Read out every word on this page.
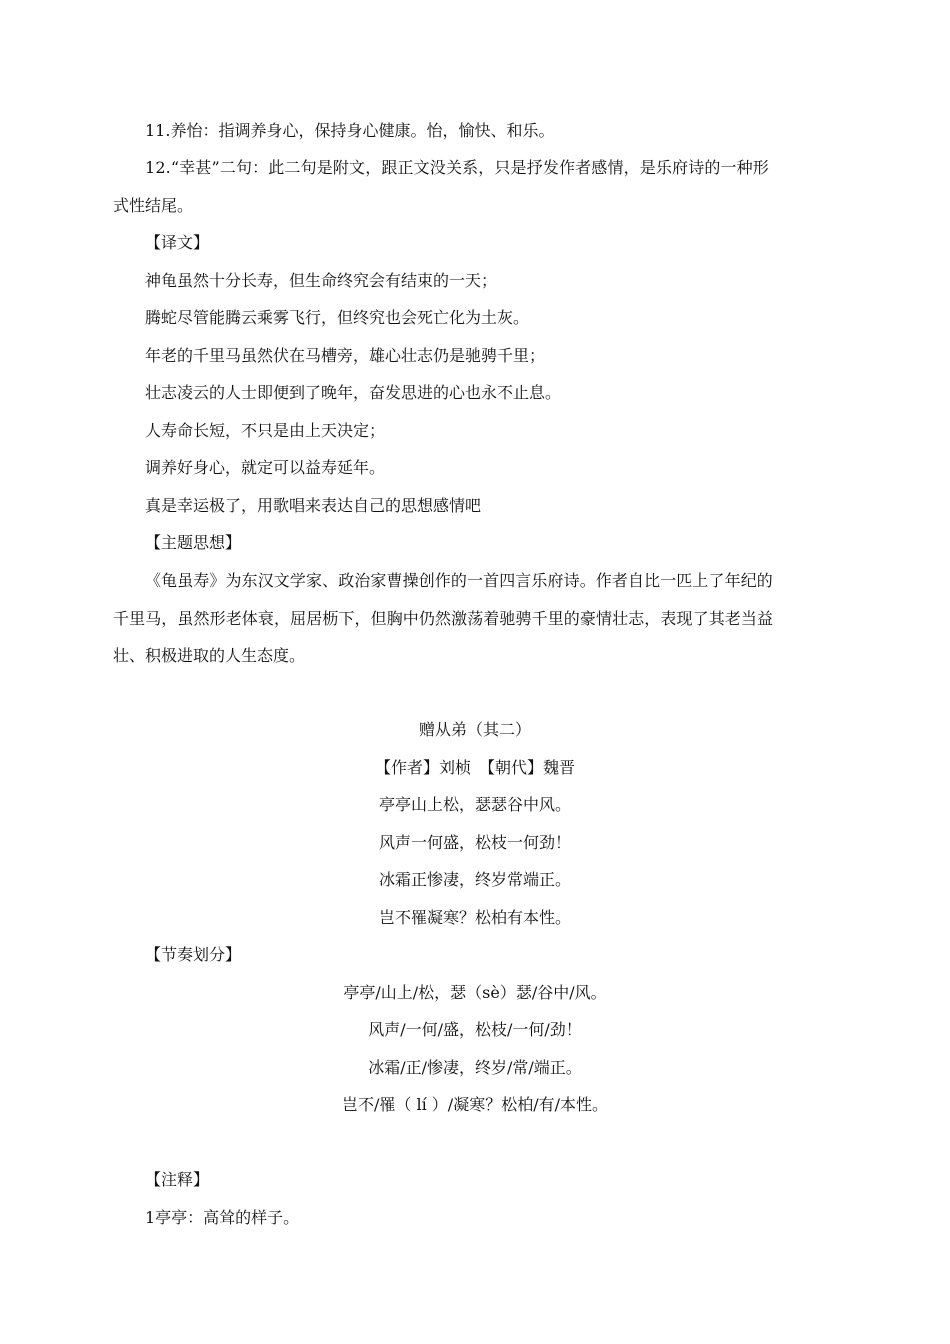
11.养怡：指调养身心，保持身心健康。怡，愉快、和乐。
12.“幸甚”二句：此二句是附文，跟正文没关系，只是抒发作者感情，是乐府诗的一种形
式性结尾。
【译文】
神龟虽然十分长寿，但生命终究会有结束的一天；
腾蛇尽管能腾云乘雾飞行，但终究也会死亡化为土灰。
年老的千里马虽然伏在马槽旁，雄心壮志仍是驰骋千里；
壮志凌云的人士即便到了晚年，奋发思进的心也永不止息。
人寿命长短，不只是由上天决定；
调养好身心，就定可以益寿延年。
真是幸运极了，用歌唱来表达自己的思想感情吧
【主题思想】
《龟虽寿》为东汉文学家、政治家曹操创作的一首四言乐府诗。作者自比一匹上了年纪的
千里马，虽然形老体衰，屈居枥下，但胸中仍然激荡着驰骋千里的豪情壮志，表现了其老当益
壮、积极进取的人生态度。
赠从弟（其二）
【作者】刘桢　【朝代】魏晋
亭亭山上松，瑟瑟谷中风。
风声一何盛，松枝一何劲！
冰霜正惨凄，终岁常端正。
岂不罹凝寒？松柏有本性。
【节奏划分】
亭亭/山上/松，瑟（sè）瑟/谷中/风。
风声/一何/盛，松枝/一何/劲！
冰霜/正/惨凄，终岁/常/端正。
岂不/罹（ lí ）/凝寒？松柏/有/本性。
【注释】
1亭亭：高耸的样子。
